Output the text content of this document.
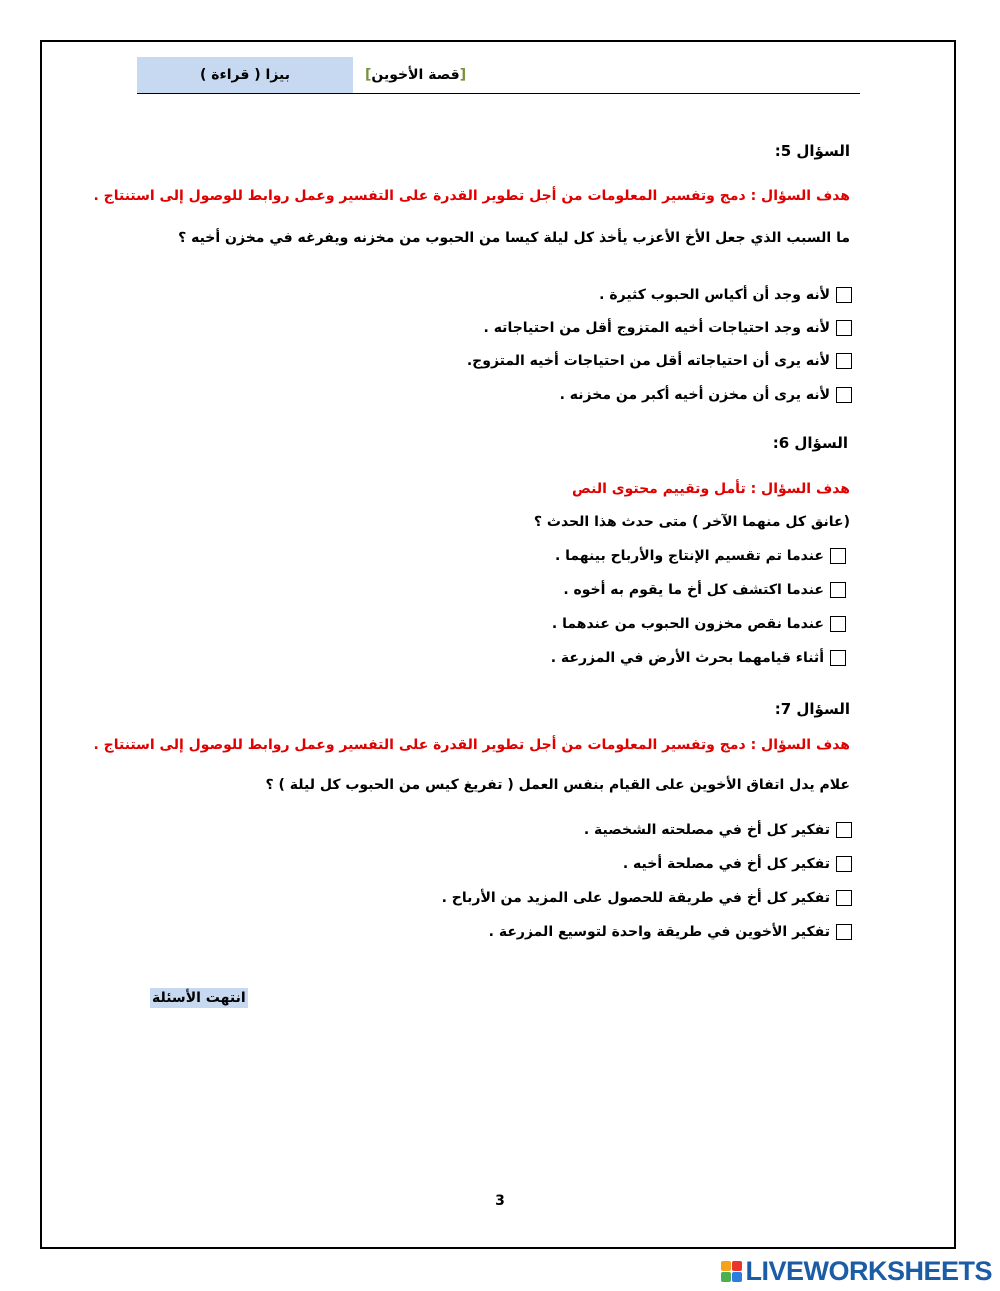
بيزا ( قراءة )	[
قصة الأخوين
]
السؤال 5:
هدف السؤال : دمج وتفسير المعلومات من أجل تطوير القدرة على التفسير وعمل روابط للوصول إلى استنتاج .
ما السبب الذي جعل الأخ الأعزب يأخذ كل ليلة كيسا من الحبوب من مخزنه ويفرغه في مخزن أخيه ؟
لأنه وجد أن أكياس الحبوب كثيرة .
لأنه وجد احتياجات أخيه المتزوج أقل من احتياجاته .
لأنه يرى أن احتياجاته أقل من احتياجات أخيه المتزوج.
لأنه يرى أن مخزن أخيه أكبر من مخزنه .
السؤال 6:
هدف السؤال : تأمل وتقييم محتوى النص
(عانق كل منهما الآخر ) متى حدث هذا الحدث ؟
عندما تم تقسيم الإنتاج والأرباح بينهما .
عندما اكتشف كل أخ ما يقوم به أخوه .
عندما نقص مخزون الحبوب من عندهما .
أثناء قيامهما بحرث الأرض في المزرعة .
السؤال 7:
هدف السؤال : دمج وتفسير المعلومات من أجل تطوير القدرة على التفسير وعمل روابط للوصول إلى استنتاج .
علام يدل اتفاق الأخوين على القيام بنفس العمل ( تفريغ كيس من الحبوب كل ليلة ) ؟
تفكير كل أخ في مصلحته الشخصية .
تفكير كل أخ في مصلحة أخيه .
تفكير كل أخ في طريقة للحصول على المزيد من الأرباح .
تفكير الأخوين في طريقة واحدة لتوسيع المزرعة .
انتهت الأسئلة
3
LIVEWORKSHEETS
